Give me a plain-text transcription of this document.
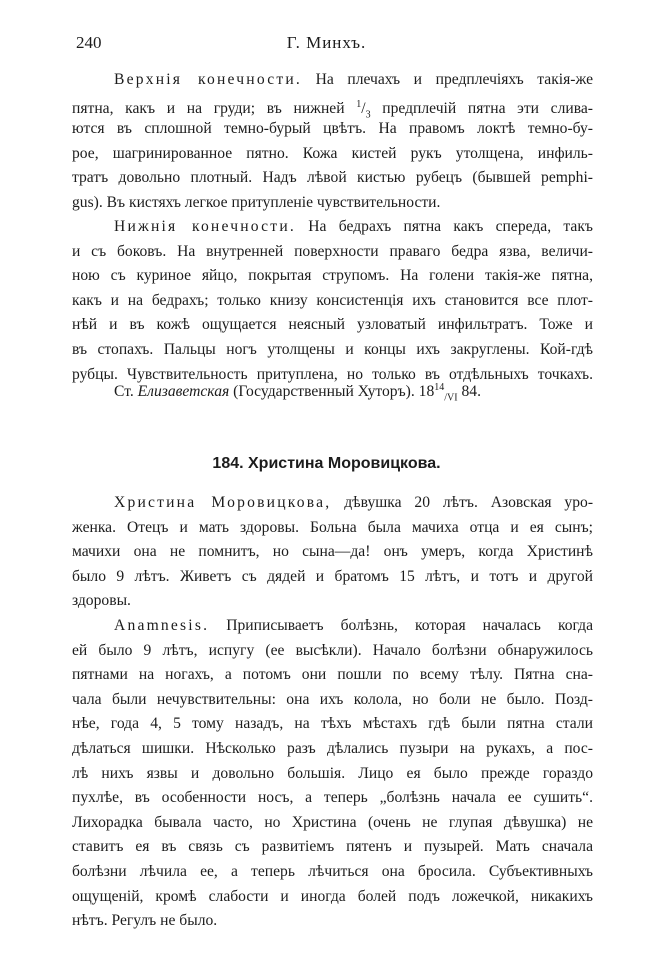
240	Г. Минхъ.
Верхнія конечности. На плечахъ и предплечіяхъ такія-же
пятна, какъ и на груди; въ нижней $^1/_3$ предплечій пятна эти слива-
ются въ сплошной темно-бурый цвѣтъ. На правомъ локтѣ темно-бу-
рое, шагринированное пятно. Кожа кистей рукъ утолщена, инфиль-
тратъ довольно плотный. Надъ лѣвой кистью рубецъ (бывшей pemphi-
gus). Въ кистяхъ легкое притупленіе чувствительности.
Нижнія конечности. На бедрахъ пятна какъ спереда, такъ
и съ боковъ. На внутренней поверхности праваго бедра язва, величи-
ною съ куриное яйцо, покрытая струпомъ. На голени такія-же пятна,
какъ и на бедрахъ; только книзу консистенція ихъ становится все плот-
нѣй и въ кожѣ ощущается неясный узловатый инфильтратъ. Тоже и
въ стопахъ. Пальцы ногъ утолщены и концы ихъ закруглены. Кой-гдѣ
рубцы. Чувствительность притуплена, но только въ отдѣльныхъ точкахъ.
Ст. Елизаветская (Государственный Хуторъ). $18^{14}_{/VI}$ 84.
184. Христина Моровицкова.
Христина Моровицкова, дѣвушка 20 лѣтъ. Азовская уро-
женка. Отецъ и мать здоровы. Больна была мачиха отца и ея сынъ;
мачихи она не помнитъ, но сына—да! онъ умеръ, когда Христинѣ
было 9 лѣтъ. Живетъ съ дядей и братомъ 15 лѣтъ, и тотъ и другой
здоровы.
Anamnesis. Приписываетъ болѣзнь, которая началась когда
ей было 9 лѣтъ, испугу (ее высѣкли). Начало болѣзни обнаружилось
пятнами на ногахъ, а потомъ они пошли по всему тѣлу. Пятна сна-
чала были нечувствительны: она ихъ колола, но боли не было. Позд-
нѣе, года 4, 5 тому назадъ, на тѣхъ мѣстахъ гдѣ были пятна стали
дѣлаться шишки. Нѣсколько разъ дѣлались пузыри на рукахъ, а пос-
лѣ нихъ язвы и довольно большія. Лицо ея было прежде гораздо
пухлѣе, въ особенности носъ, а теперь „болѣзнь начала ее сушить“.
Лихорадка бывала часто, но Христина (очень не глупая дѣвушка) не
ставитъ ея въ связь съ развитіемъ пятенъ и пузырей. Мать сначала
болѣзни лѣчила ее, а теперь лѣчиться она бросила. Субъективныхъ
ощущеній, кромѣ слабости и иногда болей подъ ложечкой, никакихъ
нѣтъ. Регулъ не было.
